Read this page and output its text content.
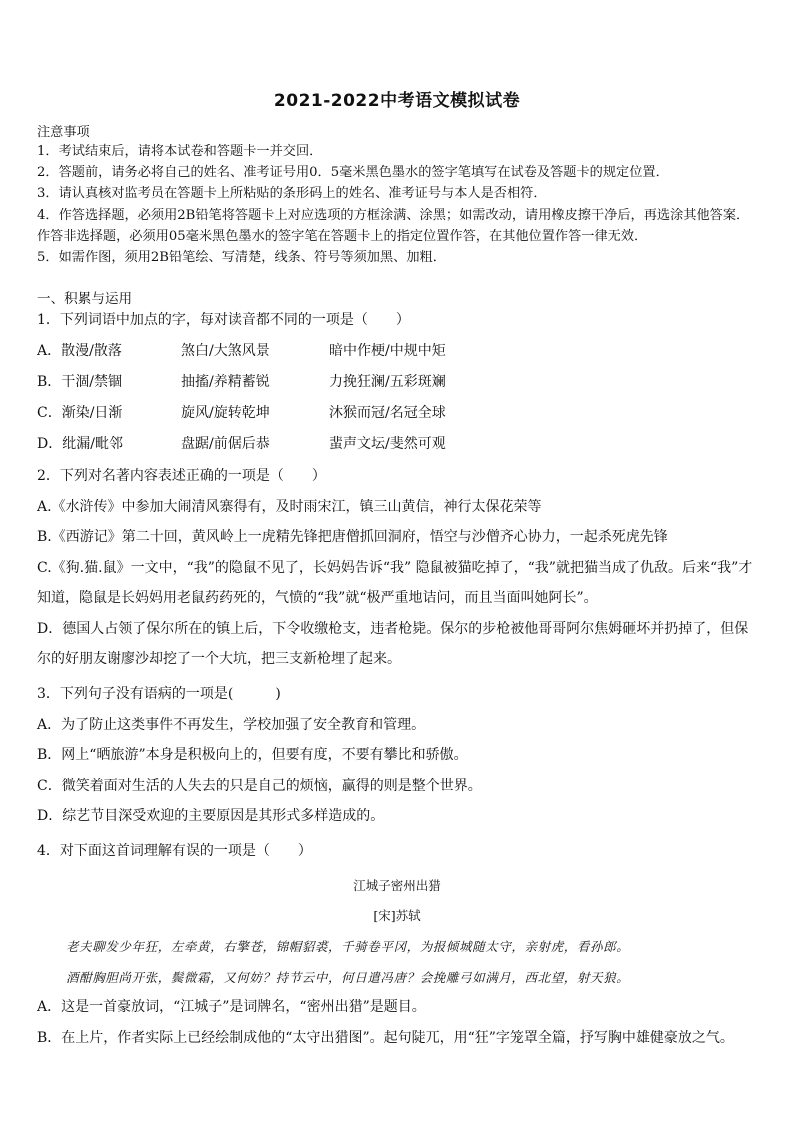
2021-2022中考语文模拟试卷
注意事项

1．考试结束后，请将本试卷和答题卡一并交回．

2．答题前，请务必将自己的姓名、准考证号用0．5毫米黑色墨水的签字笔填写在试卷及答题卡的规定位置．

3．请认真核对监考员在答题卡上所粘贴的条形码上的姓名、准考证号与本人是否相符．

4．作答选择题，必须用2B铅笔将答题卡上对应选项的方框涂满、涂黑；如需改动，请用橡皮擦干净后，再选涂其他答案．作答非选择题，必须用05毫米黑色墨水的签字笔在答题卡上的指定位置作答，在其他位置作答一律无效．

5．如需作图，须用2B铅笔绘、写清楚，线条、符号等须加黑、加粗．

一、积累与运用

1．下列词语中加点的字，每对读音都不同的一项是（　　）

A．散漫/散落	煞白/大煞风景	暗中作梗/中规中矩
B．干涸/禁锢	抽搐/养精蓄锐	力挽狂澜/五彩斑斓
C．渐染/日渐	旋风/旋转乾坤	沐猴而冠/名冠全球
D．纰漏/毗邻	盘踞/前倨后恭	蜚声文坛/斐然可观

2．下列对名著内容表述正确的一项是（　　）

A.《水浒传》中参加大闹清风寨得有，及时雨宋江，镇三山黄信，神行太保花荣等

B.《西游记》第二十回，黄风岭上一虎精先锋把唐僧抓回洞府，悟空与沙僧齐心协力，一起杀死虎先锋

C.《狗.猫.鼠》一文中，“我”的隐鼠不见了，长妈妈告诉“我” 隐鼠被猫吃掉了，“我”就把猫当成了仇敌。后来“我”才知道，隐鼠是长妈妈用老鼠药药死的，气愤的“我”就“极严重地诘问，而且当面叫她阿长”。

D．德国人占领了保尔所在的镇上后，下令收缴枪支，违者枪毙。保尔的步枪被他哥哥阿尔焦姆砸坏并扔掉了，但保尔的好朋友谢廖沙却挖了一个大坑，把三支新枪埋了起来。

3．下列句子没有语病的一项是(　　　)

A．为了防止这类事件不再发生，学校加强了安全教育和管理。

B．网上“晒旅游”本身是积极向上的，但要有度，不要有攀比和骄傲。

C．微笑着面对生活的人失去的只是自己的烦恼，赢得的则是整个世界。

D．综艺节目深受欢迎的主要原因是其形式多样造成的。

4．对下面这首词理解有误的一项是（　　）

江城子密州出猎
[宋]苏轼
老夫聊发少年狂，左牵黄，右擎苍，锦帽貂裘，千骑卷平冈，为报倾城随太守，亲射虎，看孙郎。
酒酣胸胆尚开张，鬓微霜，又何妨？持节云中，何日遣冯唐？会挽雕弓如满月，西北望，射天狼。

A．这是一首豪放词，“江城子”是词牌名，“密州出猎”是题目。

B．在上片，作者实际上已经绘制成他的“太守出猎图”。起句陡兀，用“狂”字笼罩全篇，抒写胸中雄健豪放之气。
